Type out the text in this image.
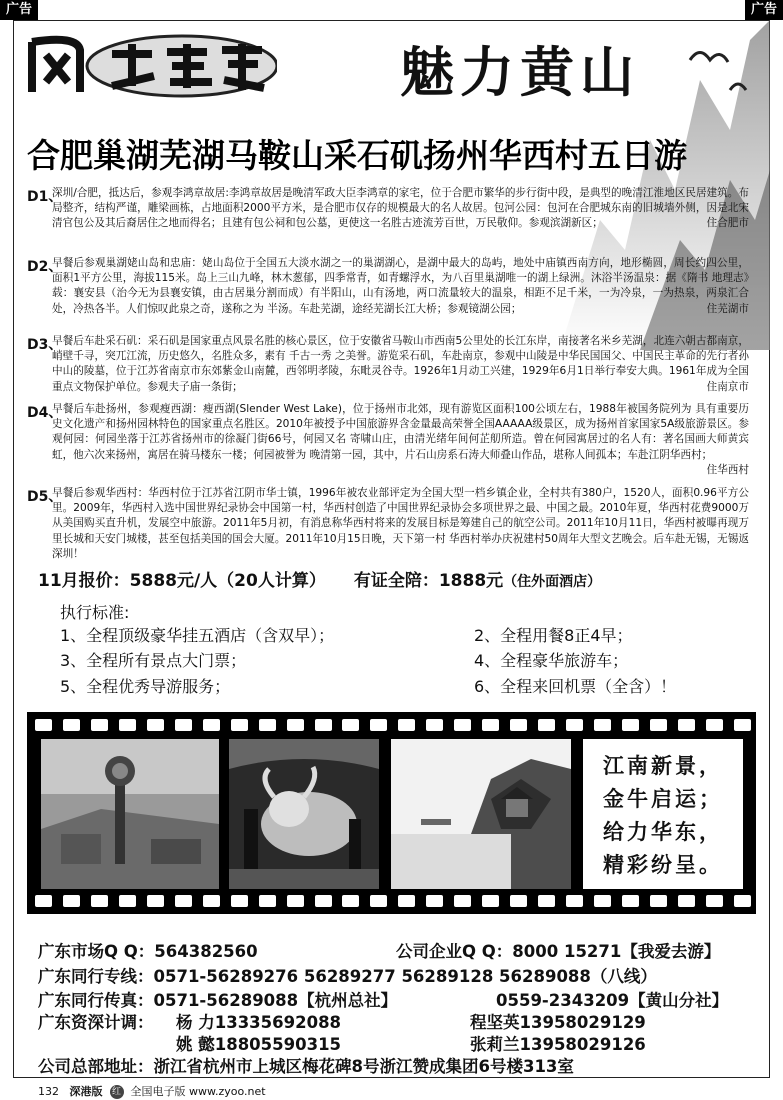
广告	广告
魅力黄山
合肥巢湖芜湖马鞍山采石矶扬州华西村五日游
D1、
深圳/合肥，抵达后，参观李鸿章故居:李鸿章故居是晚清军政大臣李鸿章的家宅，位于合肥市繁华的步行街中段，是典型的晚清江淮地区民居建筑。布局整齐，结构严谨，雕梁画栋，占地面积2000平方米，是合肥市仅存的规模最大的名人故居。包河公园：包河在合肥城东南的旧城墙外侧，因是北宋清官包公及其后裔居住之地而得名；且建有包公祠和包公墓，更使这一名胜古迹流芳百世，万民敬仰。参观滨湖新区；	住合肥市
D2、
早餐后参观巢湖姥山岛和忠庙：姥山岛位于全国五大淡水湖之一的巢湖湖心，是湖中最大的岛屿，地处中庙镇西南方向，地形椭圆，周长约四公里，面积1平方公里，海拔115米。岛上三山九峰，林木葱郁，四季常青，如青螺浮水，为八百里巢湖唯一的湖上绿洲。沐浴半汤温泉：据《隋书 地理志》载：襄安县（治今无为县襄安镇，由古居巢分割而成）有半阳山，山有汤地，两口流量较大的温泉，相距不足千米，一为冷泉，一为热泉，两泉汇合处，冷热各半。人们惊叹此泉之奇，遂称之为 半汤。车赴芜湖，途经芜湖长江大桥；参观镜湖公园；	住芜湖市
D3、
早餐后车赴采石矶：采石矶是国家重点风景名胜的核心景区，位于安徽省马鞍山市西南5公里处的长江东岸，南接著名米乡芜湖，北连六朝古都南京，峭壁千寻，突兀江流，历史悠久，名胜众多，素有 千古一秀 之美誉。游览采石矶，车赴南京，参观中山陵是中华民国国父、中国民主革命的先行者孙中山的陵墓，位于江苏省南京市东郊紫金山南麓，西邻明孝陵，东毗灵谷寺。1926年1月动工兴建，1929年6月1日举行奉安大典。1961年成为全国重点文物保护单位。参观夫子庙一条街；	住南京市
D4、
早餐后车赴扬州，参观瘦西湖：瘦西湖(Slender West Lake)，位于扬州市北郊，现有游览区面积100公顷左右，1988年被国务院列为 具有重要历史文化遗产和扬州园林特色的国家重点名胜区。2010年被授予中国旅游界含金量最高荣誉全国AAAAA级景区，成为扬州首家国家5A级旅游景区。参观何园：何园坐落于江苏省扬州市的徐凝门街66号，何园又名 寄啸山庄，由清光绪年间何芷舠所造。曾在何园寓居过的名人有：著名国画大师黄宾虹，他六次来扬州，寓居在骑马楼东一楼；何园被誉为 晚清第一园，其中，片石山房系石涛大师叠山作品，堪称人间孤本；车赴江阴华西村；
住华西村
D5、
早餐后参观华西村：华西村位于江苏省江阴市华士镇，1996年被农业部评定为全国大型一档乡镇企业，全村共有380户，1520人，面积0.96平方公里。2009年，华西村入选中国世界纪录协会中国第一村，华西村创造了中国世界纪录协会多项世界之最、中国之最。2010年夏，华西村花费9000万从美国购买直升机，发展空中旅游。2011年5月初，有消息称华西村将来的发展目标是筹建自己的航空公司。2011年10月11日，华西村被曝再现万里长城和天安门城楼，甚至包括美国的国会大厦。2011年10月15日晚，天下第一村 华西村举办庆祝建村50周年大型文艺晚会。后车赴无锡，无锡返深圳！
11月报价：5888元/人（20人计算） 有证全陪：1888元（住外面酒店）
执行标准:
1、全程顶级豪华挂五酒店（含双早）；	2、全程用餐8正4早；
3、全程所有景点大门票；	4、全程豪华旅游车；
5、全程优秀导游服务；	6、全程来回机票（全含）！
江南新景，
金牛启运；
给力华东，
精彩纷呈。
广东市场Q Q：564382560	公司企业Q Q：8000 15271【我爱去游】
广东同行专线：0571-56289276 56289277 56289128 56289088（八线）
广东同行传真：0571-56289088【杭州总社】	0559-2343209【黄山分社】
广东资深计调： 杨 力13335692088	程坚英13958029129
姚 懿18805590315	张莉兰13958029126
公司总部地址：浙江省杭州市上城区梅花碑8号浙江赞成集团6号楼313室
132 深港版 红 全国电子版 www.zyoo.net
